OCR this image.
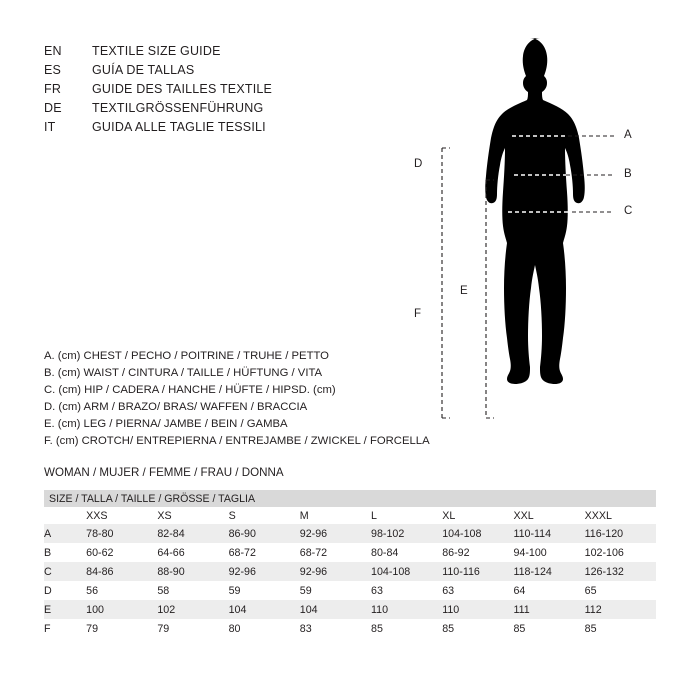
EN	TEXTILE SIZE GUIDE
ES	GUÍA DE TALLAS
FR	GUIDE DES TAILLES TEXTILE
DE	TEXTILGRÖSSENFÜHRUNG
IT	GUIDA ALLE TAGLIE TESSILI
A
B
C
D
E
F
A. (cm) CHEST / PECHO / POITRINE / TRUHE / PETTO
B. (cm) WAIST / CINTURA / TAILLE / HÜFTUNG / VITA
C. (cm) HIP / CADERA / HANCHE / HÜFTE / HIPSD. (cm)
D. (cm) ARM / BRAZO/ BRAS/ WAFFEN / BRACCIA
E. (cm) LEG / PIERNA/ JAMBE / BEIN / GAMBA
F. (cm) CROTCH/ ENTREPIERNA / ENTREJAMBE / ZWICKEL / FORCELLA
WOMAN / MUJER / FEMME / FRAU / DONNA
SIZE / TALLA / TAILLE / GRÖSSE / TAGLIA								
	XXS	XS	S	M	L	XL	XXL	XXXL
A	78-80	82-84	86-90	92-96	98-102	104-108	110-114	116-120
B	60-62	64-66	68-72	68-72	80-84	86-92	94-100	102-106
C	84-86	88-90	92-96	92-96	104-108	110-116	118-124	126-132
D	56	58	59	59	63	63	64	65
E	100	102	104	104	110	110	111	112
F	79	79	80	83	85	85	85	85
